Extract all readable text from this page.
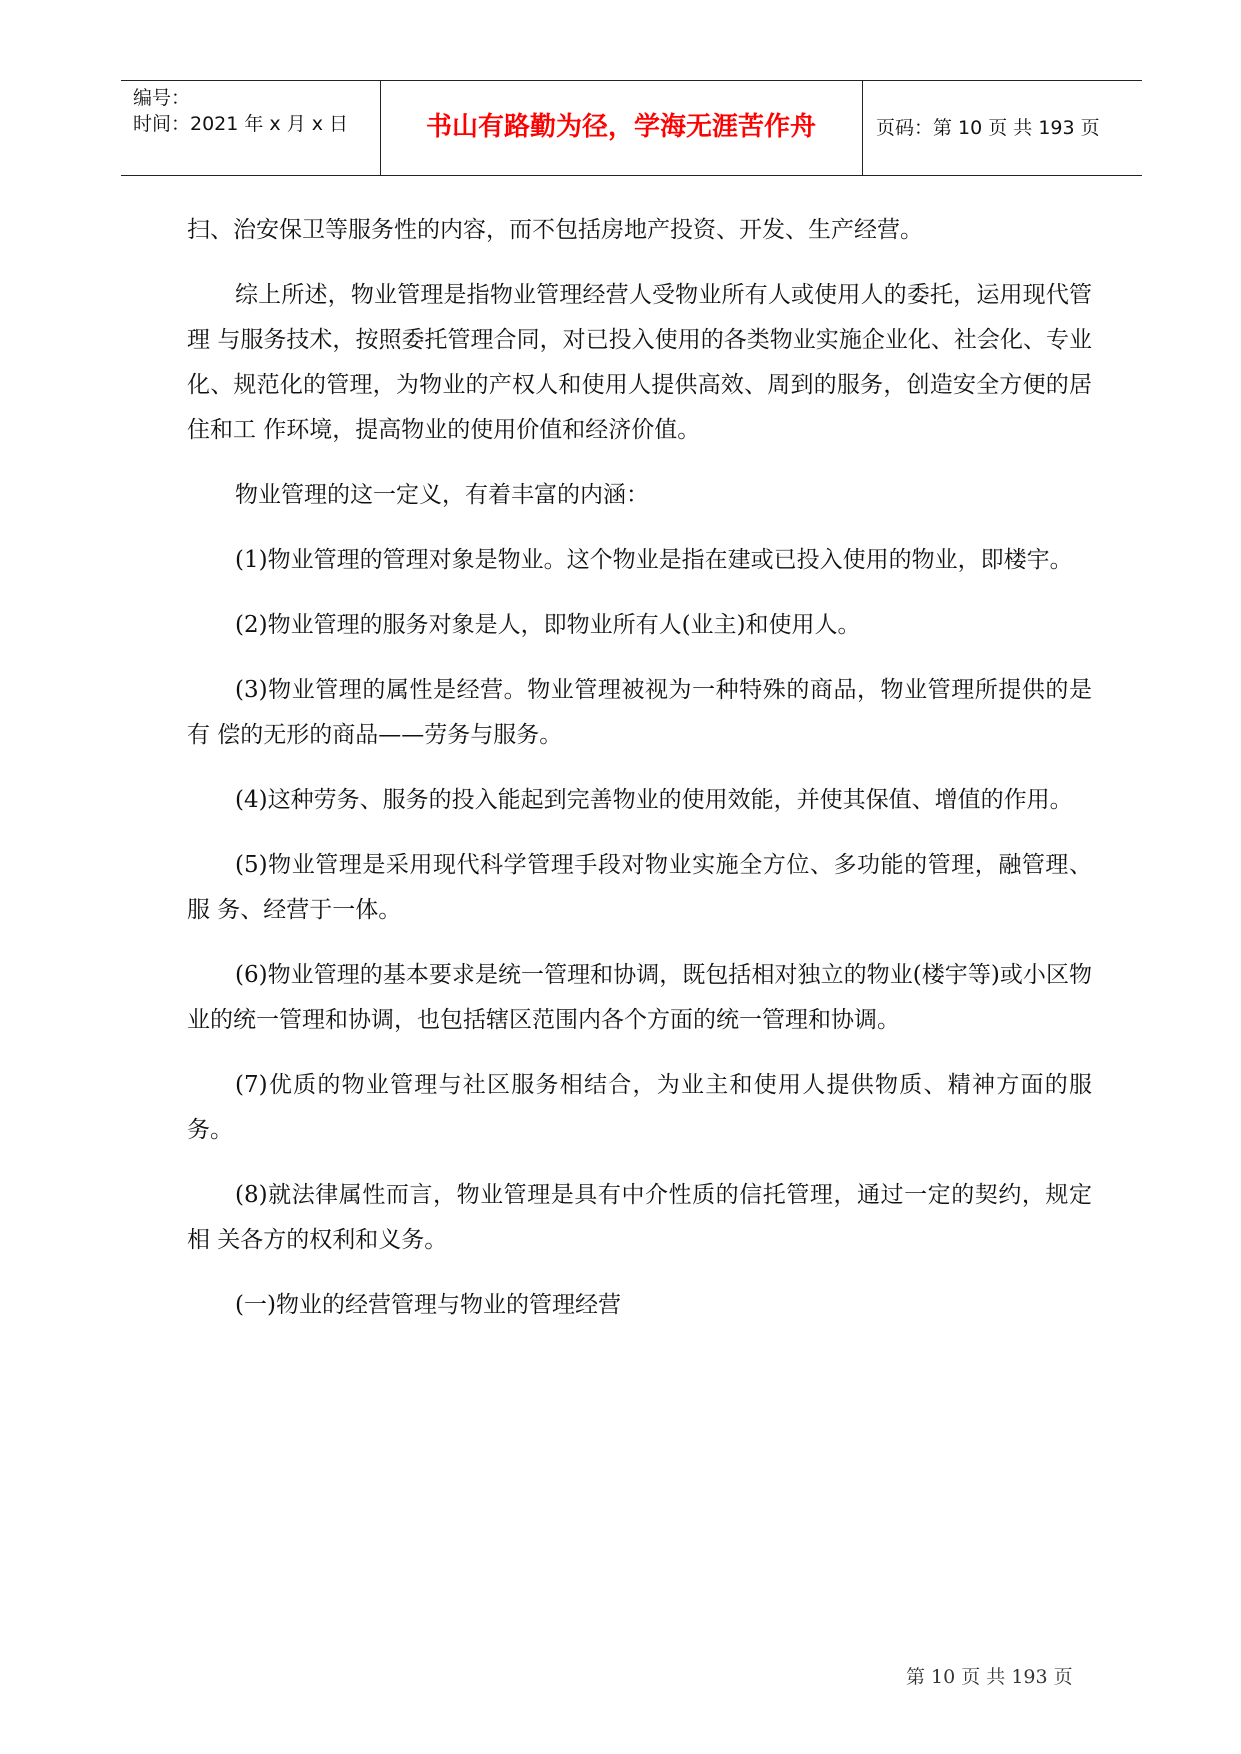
编号：
时间：2021 年 x 月 x 日	书山有路勤为径，学海无涯苦作舟	页码：第 10 页 共 193 页

扫、治安保卫等服务性的内容，而不包括房地产投资、开发、生产经营。

综上所述，物业管理是指物业管理经营人受物业所有人或使用人的委托，运用现代管理 与服务技术，按照委托管理合同，对已投入使用的各类物业实施企业化、社会化、专业化、规范化的管理，为物业的产权人和使用人提供高效、周到的服务，创造安全方便的居住和工 作环境，提高物业的使用价值和经济价值。

物业管理的这一定义，有着丰富的内涵：

(1)物业管理的管理对象是物业。这个物业是指在建或已投入使用的物业，即楼宇。

(2)物业管理的服务对象是人，即物业所有人(业主)和使用人。

(3)物业管理的属性是经营。物业管理被视为一种特殊的商品，物业管理所提供的是有 偿的无形的商品——劳务与服务。

(4)这种劳务、服务的投入能起到完善物业的使用效能，并使其保值、增值的作用。

(5)物业管理是采用现代科学管理手段对物业实施全方位、多功能的管理，融管理、服 务、经营于一体。

(6)物业管理的基本要求是统一管理和协调，既包括相对独立的物业(楼宇等)或小区物 业的统一管理和协调，也包括辖区范围内各个方面的统一管理和协调。

(7)优质的物业管理与社区服务相结合，为业主和使用人提供物质、精神方面的服务。

(8)就法律属性而言，物业管理是具有中介性质的信托管理，通过一定的契约，规定相 关各方的权利和义务。

(一)物业的经营管理与物业的管理经营

第 10 页 共 193 页
